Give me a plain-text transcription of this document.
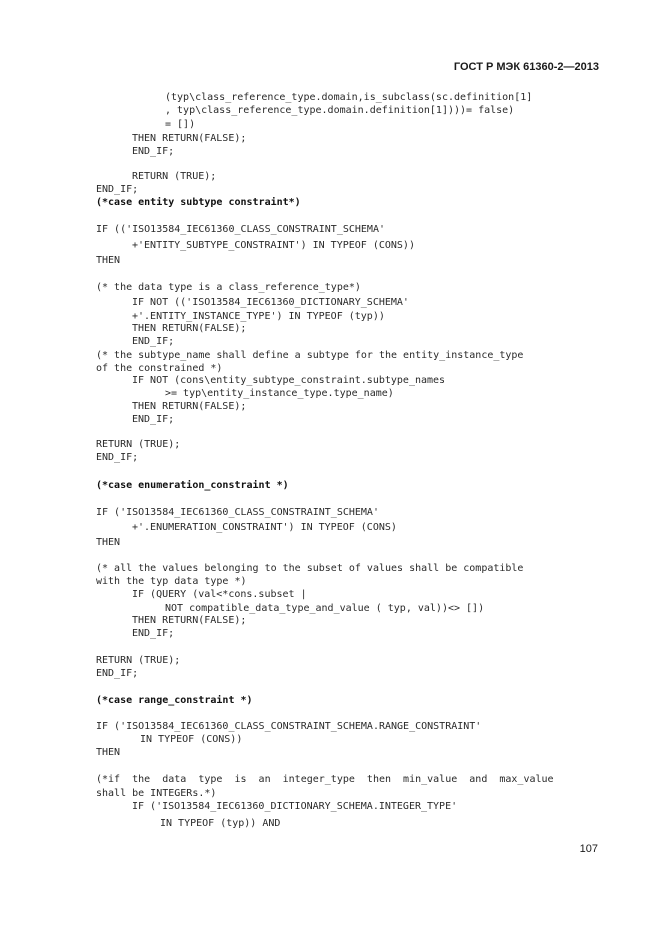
ГОСТ Р МЭК 61360-2—2013
(typ\class_reference_type.domain,is_subclass(sc.definition[1]
, typ\class_reference_type.domain.definition[1])))= false)
= [])
THEN RETURN(FALSE);
END_IF;
RETURN (TRUE);
END_IF;
(*case entity subtype constraint*)
IF (('ISO13584_IEC61360_CLASS_CONSTRAINT_SCHEMA'
+'ENTITY_SUBTYPE_CONSTRAINT') IN TYPEOF (CONS))
THEN
(* the data type is a class_reference_type*)
IF NOT (('ISO13584_IEC61360_DICTIONARY_SCHEMA'
+'.ENTITY_INSTANCE_TYPE') IN TYPEOF (typ))
THEN RETURN(FALSE);
END_IF;
(* the subtype_name shall define a subtype for the entity_instance_type
of the constrained *)
IF NOT (cons\entity_subtype_constraint.subtype_names
>= typ\entity_instance_type.type_name)
THEN RETURN(FALSE);
END_IF;
RETURN (TRUE);
END_IF;
(*case enumeration_constraint *)
IF ('ISO13584_IEC61360_CLASS_CONSTRAINT_SCHEMA'
+'.ENUMERATION_CONSTRAINT') IN TYPEOF (CONS)
THEN
(* all the values belonging to the subset of values shall be compatible
with the typ data type *)
IF (QUERY (val<*cons.subset |
NOT compatible_data_type_and_value ( typ, val))<> [])
THEN RETURN(FALSE);
END_IF;
RETURN (TRUE);
END_IF;
(*case range_constraint *)
IF ('ISO13584_IEC61360_CLASS_CONSTRAINT_SCHEMA.RANGE_CONSTRAINT'
IN TYPEOF (CONS))
THEN
(*if  the  data  type  is  an  integer_type  then  min_value  and  max_value
shall be INTEGERs.*)
IF ('ISO13584_IEC61360_DICTIONARY_SCHEMA.INTEGER_TYPE'
IN TYPEOF (typ)) AND
107
